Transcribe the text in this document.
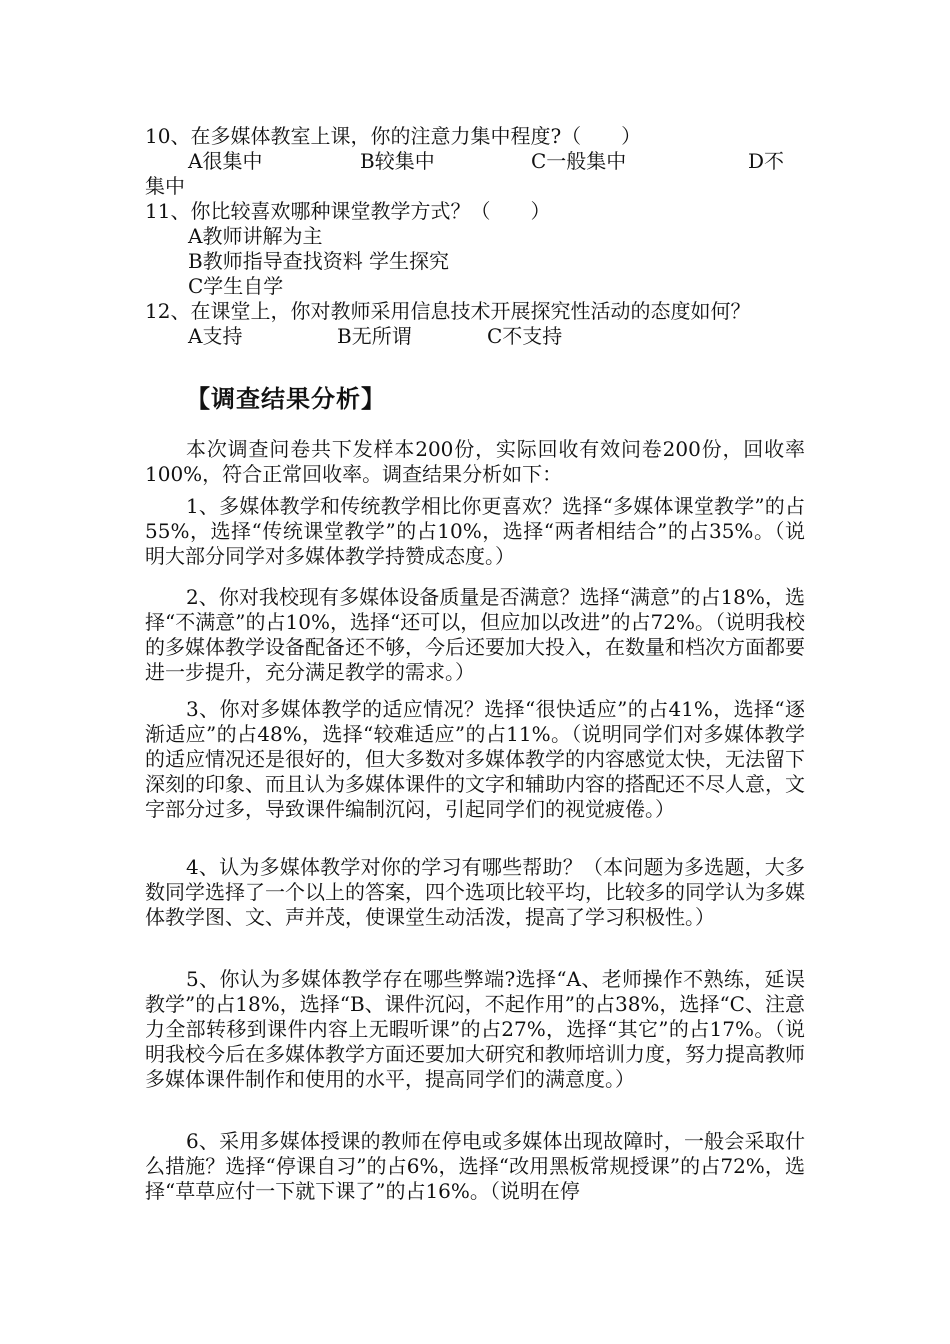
10、在多媒体教室上课，你的注意力集中程度?（　　）
A很集中	B较集中	C一般集中	D不
集中
11、你比较喜欢哪种课堂教学方式？（　　）
A教师讲解为主
B教师指导查找资料 学生探究
C学生自学
12、在课堂上，你对教师采用信息技术开展探究性活动的态度如何？
A支持	B无所谓	C不支持
【调查结果分析】

本次调查问卷共下发样本200份，实际回收有效问卷200份，回收率100%，符合正常回收率。调查结果分析如下：

1、多媒体教学和传统教学相比你更喜欢？选择“多媒体课堂教学”的占55%，选择“传统课堂教学”的占10%，选择“两者相结合”的占35%。（说明大部分同学对多媒体教学持赞成态度。）

2、你对我校现有多媒体设备质量是否满意？选择“满意”的占18%，选择“不满意”的占10%，选择“还可以，但应加以改进”的占72%。（说明我校的多媒体教学设备配备还不够，今后还要加大投入，在数量和档次方面都要进一步提升，充分满足教学的需求。）

3、你对多媒体教学的适应情况？选择“很快适应”的占41%，选择“逐渐适应”的占48%，选择“较难适应”的占11%。（说明同学们对多媒体教学的适应情况还是很好的，但大多数对多媒体教学的内容感觉太快，无法留下深刻的印象、而且认为多媒体课件的文字和辅助内容的搭配还不尽人意，文字部分过多，导致课件编制沉闷，引起同学们的视觉疲倦。）

4、认为多媒体教学对你的学习有哪些帮助？（本问题为多选题，大多数同学选择了一个以上的答案，四个选项比较平均，比较多的同学认为多媒体教学图、文、声并茂，使课堂生动活泼，提高了学习积极性。）

5、你认为多媒体教学存在哪些弊端?选择“A、老师操作不熟练，延误教学”的占18%，选择“B、课件沉闷，不起作用”的占38%，选择“C、注意力全部转移到课件内容上无暇听课”的占27%，选择“其它”的占17%。（说明我校今后在多媒体教学方面还要加大研究和教师培训力度，努力提高教师多媒体课件制作和使用的水平，提高同学们的满意度。）

6、采用多媒体授课的教师在停电或多媒体出现故障时，一般会采取什么措施？选择“停课自习”的占6%，选择“改用黑板常规授课”的占72%，选择“草草应付一下就下课了”的占16%。（说明在停
